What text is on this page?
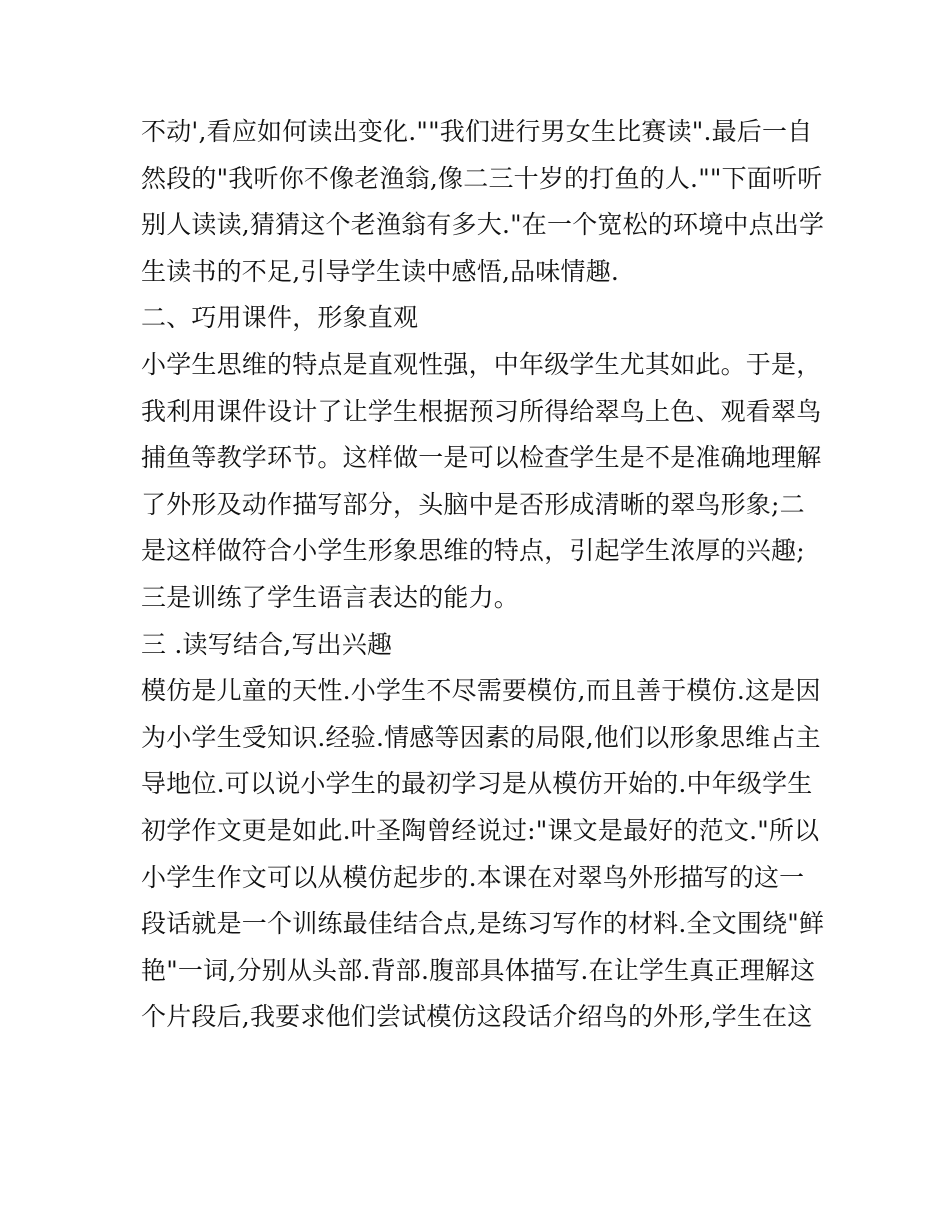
不动',看应如何读出变化.""我们进行男女生比赛读".最后一自
然段的"我听你不像老渔翁,像二三十岁的打鱼的人.""下面听听
别人读读,猜猜这个老渔翁有多大."在一个宽松的环境中点出学
生读书的不足,引导学生读中感悟,品味情趣.
二、巧用课件，形象直观
小学生思维的特点是直观性强，中年级学生尤其如此。于是，
我利用课件设计了让学生根据预习所得给翠鸟上色、观看翠鸟
捕鱼等教学环节。这样做一是可以检查学生是不是准确地理解
了外形及动作描写部分，头脑中是否形成清晰的翠鸟形象;二
是这样做符合小学生形象思维的特点，引起学生浓厚的兴趣;
三是训练了学生语言表达的能力。
三 .读写结合,写出兴趣
模仿是儿童的天性.小学生不尽需要模仿,而且善于模仿.这是因
为小学生受知识.经验.情感等因素的局限,他们以形象思维占主
导地位.可以说小学生的最初学习是从模仿开始的.中年级学生
初学作文更是如此.叶圣陶曾经说过:"课文是最好的范文."所以
小学生作文可以从模仿起步的.本课在对翠鸟外形描写的这一
段话就是一个训练最佳结合点,是练习写作的材料.全文围绕"鲜
艳"一词,分别从头部.背部.腹部具体描写.在让学生真正理解这
个片段后,我要求他们尝试模仿这段话介绍鸟的外形,学生在这
